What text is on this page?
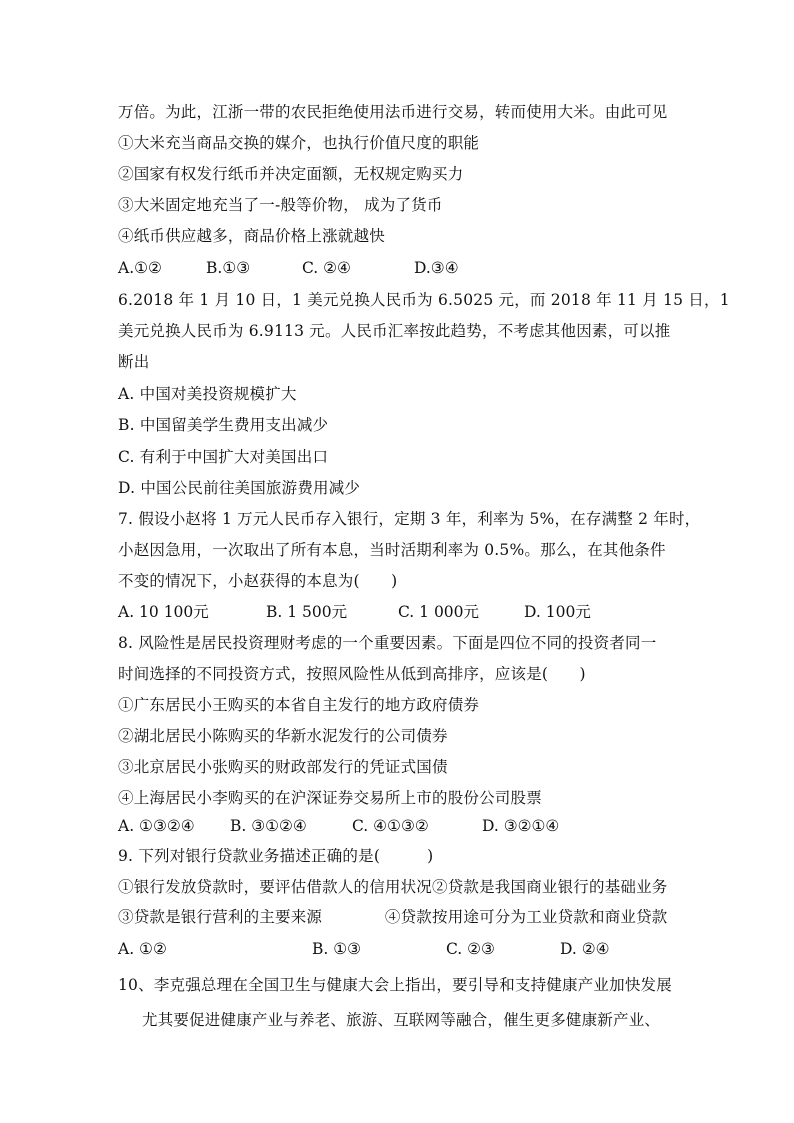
万倍。为此，江浙一带的农民拒绝使用法币进行交易，转而使用大米。由此可见
①大米充当商品交换的媒介，也执行价值尺度的职能
②国家有权发行纸币并决定面额，无权规定购买力
③大米固定地充当了一-般等价物， 成为了货币
④纸币供应越多，商品价格上涨就越快
A.①②	B.①③	C. ②④	D.③④
6.2018 年 1 月 10 日，1 美元兑换人民币为 6.5025 元，而 2018 年 11 月 15 日，1
美元兑换人民币为 6.9113 元。人民币汇率按此趋势，不考虑其他因素，可以推
断出
A. 中国对美投资规模扩大
B. 中国留美学生费用支出减少
C. 有利于中国扩大对美国出口
D. 中国公民前往美国旅游费用减少
7. 假设小赵将 1 万元人民币存入银行，定期 3 年，利率为 5%，在存满整 2 年时，
小赵因急用，一次取出了所有本息，当时活期利率为 0.5%。那么，在其他条件
不变的情况下，小赵获得的本息为(　　)
A. 10 100元	B. 1 500元	C. 1 000元	D. 100元
8. 风险性是居民投资理财考虑的一个重要因素。下面是四位不同的投资者同一
时间选择的不同投资方式，按照风险性从低到高排序，应该是(　　)
①广东居民小王购买的本省自主发行的地方政府债券
②湖北居民小陈购买的华新水泥发行的公司债券
③北京居民小张购买的财政部发行的凭证式国债
④上海居民小李购买的在沪深证券交易所上市的股份公司股票
A. ①③②④ B. ③①②④	C. ④①③②	D. ③②①④
9. 下列对银行贷款业务描述正确的是(　　　)
①银行发放贷款时，要评估借款人的信用状况②贷款是我国商业银行的基础业务
③贷款是银行营利的主要来源　　　　④贷款按用途可分为工业贷款和商业贷款
A. ①②	B. ①③	C. ②③	D. ②④
10、李克强总理在全国卫生与健康大会上指出，要引导和支持健康产业加快发展
尤其要促进健康产业与养老、旅游、互联网等融合，催生更多健康新产业、
